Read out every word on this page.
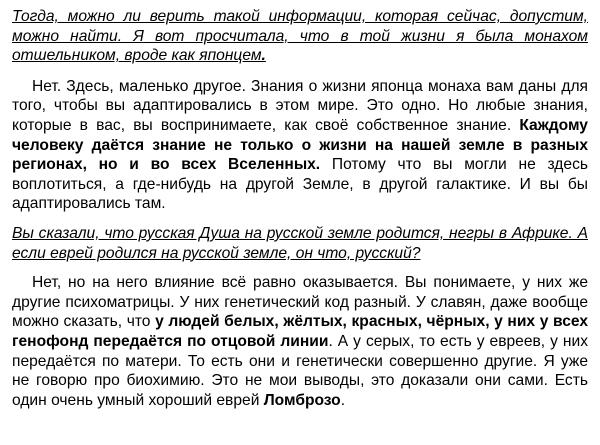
Тогда, можно ли верить такой информации, которая сейчас, допустим, можно найти. Я вот просчитала, что в той жизни я была монахом отшельником, вроде как японцем.

Нет. Здесь, маленько другое. Знания о жизни японца монаха вам даны для того, чтобы вы адаптировались в этом мире. Это одно. Но любые знания, которые в вас, вы воспринимаете, как своё собственное знание. Каждому человеку даётся знание не только о жизни на нашей земле в разных регионах, но и во всех Вселенных. Потому что вы могли не здесь воплотиться, а где-нибудь на другой Земле, в другой галактике. И вы бы адаптировались там.

Вы сказали, что русская Душа на русской земле родится, негры в Африке. А если еврей родился на русской земле, он что, русский?

Нет, но на него влияние всё равно оказывается. Вы понимаете, у них же другие психоматрицы. У них генетический код разный. У славян, даже вообще можно сказать, что у людей белых, жёлтых, красных, чёрных, у них у всех генофонд передаётся по отцовой линии. А у серых, то есть у евреев, у них передаётся по матери. То есть они и генетически совершенно другие. Я уже не говорю про биохимию. Это не мои выводы, это доказали они сами. Есть один очень умный хороший еврей Ломброзо.
